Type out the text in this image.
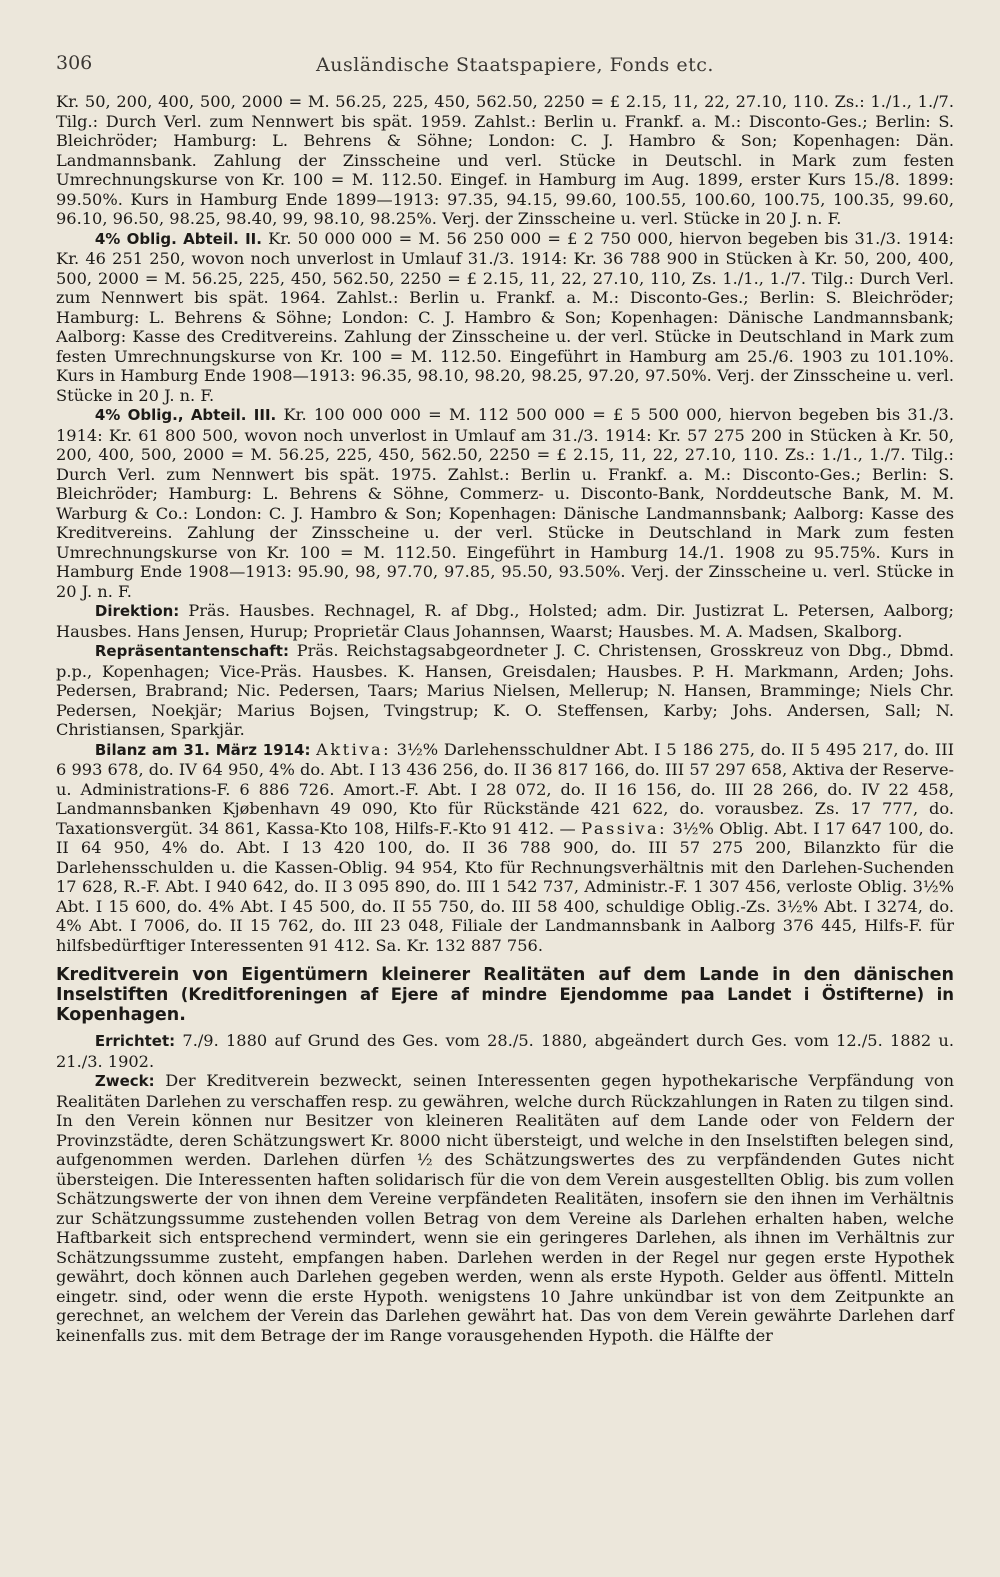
306	Ausländische Staatspapiere, Fonds etc.

Kr. 50, 200, 400, 500, 2000 = M. 56.25, 225, 450, 562.50, 2250 = £ 2.15, 11, 22, 27.10, 110. Zs.: 1./1., 1./7. Tilg.: Durch Verl. zum Nennwert bis spät. 1959. Zahlst.: Berlin u. Frankf. a. M.: Disconto-Ges.; Berlin: S. Bleichröder; Hamburg: L. Behrens & Söhne; London: C. J. Hambro & Son; Kopenhagen: Dän. Landmannsbank. Zahlung der Zinsscheine und verl. Stücke in Deutschl. in Mark zum festen Umrechnungskurse von Kr. 100 = M. 112.50. Eingef. in Hamburg im Aug. 1899, erster Kurs 15./8. 1899: 99.50%. Kurs in Hamburg Ende 1899—1913: 97.35, 94.15, 99.60, 100.55, 100.60, 100.75, 100.35, 99.60, 96.10, 96.50, 98.25, 98.40, 99, 98.10, 98.25%. Verj. der Zinsscheine u. verl. Stücke in 20 J. n. F.

4% Oblig. Abteil. II. Kr. 50 000 000 = M. 56 250 000 = £ 2 750 000, hiervon begeben bis 31./3. 1914: Kr. 46 251 250, wovon noch unverlost in Umlauf 31./3. 1914: Kr. 36 788 900 in Stücken à Kr. 50, 200, 400, 500, 2000 = M. 56.25, 225, 450, 562.50, 2250 = £ 2.15, 11, 22, 27.10, 110, Zs. 1./1., 1./7. Tilg.: Durch Verl. zum Nennwert bis spät. 1964. Zahlst.: Berlin u. Frankf. a. M.: Disconto-Ges.; Berlin: S. Bleichröder; Hamburg: L. Behrens & Söhne; London: C. J. Hambro & Son; Kopenhagen: Dänische Landmannsbank; Aalborg: Kasse des Creditvereins. Zahlung der Zinsscheine u. der verl. Stücke in Deutschland in Mark zum festen Umrechnungskurse von Kr. 100 = M. 112.50. Eingeführt in Hamburg am 25./6. 1903 zu 101.10%. Kurs in Hamburg Ende 1908—1913: 96.35, 98.10, 98.20, 98.25, 97.20, 97.50%. Verj. der Zinsscheine u. verl. Stücke in 20 J. n. F.

4% Oblig., Abteil. III. Kr. 100 000 000 = M. 112 500 000 = £ 5 500 000, hiervon begeben bis 31./3. 1914: Kr. 61 800 500, wovon noch unverlost in Umlauf am 31./3. 1914: Kr. 57 275 200 in Stücken à Kr. 50, 200, 400, 500, 2000 = M. 56.25, 225, 450, 562.50, 2250 = £ 2.15, 11, 22, 27.10, 110. Zs.: 1./1., 1./7. Tilg.: Durch Verl. zum Nennwert bis spät. 1975. Zahlst.: Berlin u. Frankf. a. M.: Disconto-Ges.; Berlin: S. Bleichröder; Hamburg: L. Behrens & Söhne, Commerz- u. Disconto-Bank, Norddeutsche Bank, M. M. Warburg & Co.: London: C. J. Hambro & Son; Kopenhagen: Dänische Landmannsbank; Aalborg: Kasse des Kreditvereins. Zahlung der Zinsscheine u. der verl. Stücke in Deutschland in Mark zum festen Umrechnungskurse von Kr. 100 = M. 112.50. Eingeführt in Hamburg 14./1. 1908 zu 95.75%. Kurs in Hamburg Ende 1908—1913: 95.90, 98, 97.70, 97.85, 95.50, 93.50%. Verj. der Zinsscheine u. verl. Stücke in 20 J. n. F.

Direktion: Präs. Hausbes. Rechnagel, R. af Dbg., Holsted; adm. Dir. Justizrat L. Petersen, Aalborg; Hausbes. Hans Jensen, Hurup; Proprietär Claus Johannsen, Waarst; Hausbes. M. A. Madsen, Skalborg.

Repräsentantenschaft: Präs. Reichstagsabgeordneter J. C. Christensen, Grosskreuz von Dbg., Dbmd. p.p., Kopenhagen; Vice-Präs. Hausbes. K. Hansen, Greisdalen; Hausbes. P. H. Markmann, Arden; Johs. Pedersen, Brabrand; Nic. Pedersen, Taars; Marius Nielsen, Mellerup; N. Hansen, Bramminge; Niels Chr. Pedersen, Noekjär; Marius Bojsen, Tvingstrup; K. O. Steffensen, Karby; Johs. Andersen, Sall; N. Christiansen, Sparkjär.

Bilanz am 31. März 1914: Aktiva: 3½% Darlehensschuldner Abt. I 5 186 275, do. II 5 495 217, do. III 6 993 678, do. IV 64 950, 4% do. Abt. I 13 436 256, do. II 36 817 166, do. III 57 297 658, Aktiva der Reserve- u. Administrations-F. 6 886 726. Amort.-F. Abt. I 28 072, do. II 16 156, do. III 28 266, do. IV 22 458, Landmannsbanken Kjøbenhavn 49 090, Kto für Rückstände 421 622, do. vorausbez. Zs. 17 777, do. Taxationsvergüt. 34 861, Kassa-Kto 108, Hilfs-F.-Kto 91 412. — Passiva: 3½% Oblig. Abt. I 17 647 100, do. II 64 950, 4% do. Abt. I 13 420 100, do. II 36 788 900, do. III 57 275 200, Bilanzkto für die Darlehensschulden u. die Kassen-Oblig. 94 954, Kto für Rechnungsverhältnis mit den Darlehen-Suchenden 17 628, R.-F. Abt. I 940 642, do. II 3 095 890, do. III 1 542 737, Administr.-F. 1 307 456, verloste Oblig. 3½% Abt. I 15 600, do. 4% Abt. I 45 500, do. II 55 750, do. III 58 400, schuldige Oblig.-Zs. 3½% Abt. I 3274, do. 4% Abt. I 7006, do. II 15 762, do. III 23 048, Filiale der Landmannsbank in Aalborg 376 445, Hilfs-F. für hilfsbedürftiger Interessenten 91 412. Sa. Kr. 132 887 756.

Kreditverein von Eigentümern kleinerer Realitäten auf dem Lande in den dänischen Inselstiften (Kreditforeningen af Ejere af mindre Ejendomme paa Landet i Östifterne) in Kopenhagen.

Errichtet: 7./9. 1880 auf Grund des Ges. vom 28./5. 1880, abgeändert durch Ges. vom 12./5. 1882 u. 21./3. 1902.

Zweck: Der Kreditverein bezweckt, seinen Interessenten gegen hypothekarische Verpfändung von Realitäten Darlehen zu verschaffen resp. zu gewähren, welche durch Rückzahlungen in Raten zu tilgen sind. In den Verein können nur Besitzer von kleineren Realitäten auf dem Lande oder von Feldern der Provinzstädte, deren Schätzungswert Kr. 8000 nicht übersteigt, und welche in den Inselstiften belegen sind, aufgenommen werden. Darlehen dürfen ½ des Schätzungswertes des zu verpfändenden Gutes nicht übersteigen. Die Interessenten haften solidarisch für die von dem Verein ausgestellten Oblig. bis zum vollen Schätzungswerte der von ihnen dem Vereine verpfändeten Realitäten, insofern sie den ihnen im Verhältnis zur Schätzungssumme zustehenden vollen Betrag von dem Vereine als Darlehen erhalten haben, welche Haftbarkeit sich entsprechend vermindert, wenn sie ein geringeres Darlehen, als ihnen im Verhältnis zur Schätzungssumme zusteht, empfangen haben. Darlehen werden in der Regel nur gegen erste Hypothek gewährt, doch können auch Darlehen gegeben werden, wenn als erste Hypoth. Gelder aus öffentl. Mitteln eingetr. sind, oder wenn die erste Hypoth. wenigstens 10 Jahre unkündbar ist von dem Zeitpunkte an gerechnet, an welchem der Verein das Darlehen gewährt hat. Das von dem Verein gewährte Darlehen darf keinenfalls zus. mit dem Betrage der im Range vorausgehenden Hypoth. die Hälfte der
